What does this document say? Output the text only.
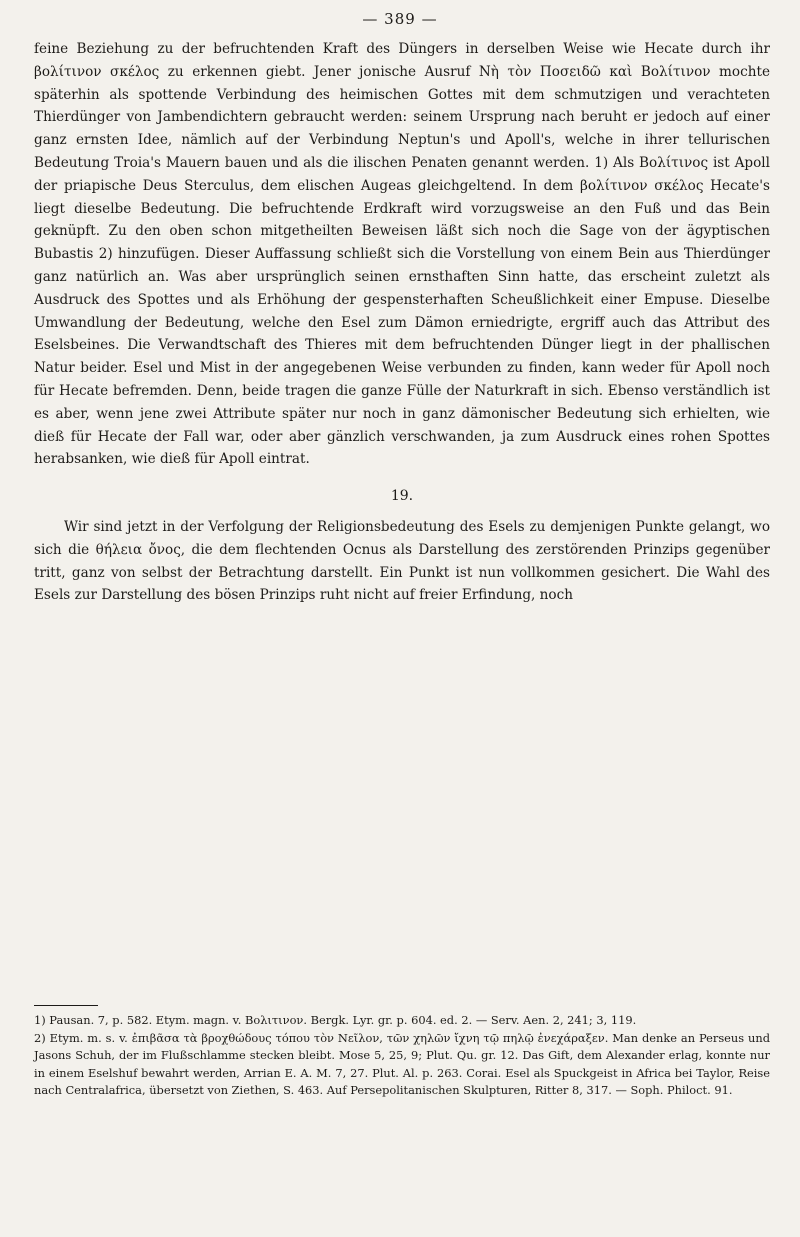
— 389 —

feine Beziehung zu der befruchtenden Kraft des Düngers in derselben Weise wie Hecate durch ihr βολίτινον σκέλος zu erkennen giebt. Jener jonische Ausruf Νὴ τὸν Ποσειδῶ καὶ Βολίτινον mochte späterhin als spottende Verbindung des heimischen Gottes mit dem schmutzigen und verachteten Thierdünger von Jambendichtern gebraucht werden: seinem Ursprung nach beruht er jedoch auf einer ganz ernsten Idee, nämlich auf der Verbindung Neptun's und Apoll's, welche in ihrer tellurischen Bedeutung Troia's Mauern bauen und als die ilischen Penaten genannt werden. 1) Als Βολίτινος ist Apoll der priapische Deus Sterculus, dem elischen Augeas gleichgeltend. In dem βολίτινον σκέλος Hecate's liegt dieselbe Bedeutung. Die befruchtende Erdkraft wird vorzugsweise an den Fuß und das Bein geknüpft. Zu den oben schon mitgetheilten Beweisen läßt sich noch die Sage von der ägyptischen Bubastis 2) hinzufügen. Dieser Auffassung schließt sich die Vorstellung von einem Bein aus Thierdünger ganz natürlich an. Was aber ursprünglich seinen ernsthaften Sinn hatte, das erscheint zuletzt als Ausdruck des Spottes und als Erhöhung der gespensterhaften Scheußlichkeit einer Empuse. Dieselbe Umwandlung der Bedeutung, welche den Esel zum Dämon erniedrigte, ergriff auch das Attribut des Eselsbeines. Die Verwandtschaft des Thieres mit dem befruchtenden Dünger liegt in der phallischen Natur beider. Esel und Mist in der angegebenen Weise verbunden zu finden, kann weder für Apoll noch für Hecate befremden. Denn, beide tragen die ganze Fülle der Naturkraft in sich. Ebenso verständlich ist es aber, wenn jene zwei Attribute später nur noch in ganz dämonischer Bedeutung sich erhielten, wie dieß für Hecate der Fall war, oder aber gänzlich verschwanden, ja zum Ausdruck eines rohen Spottes herabsanken, wie dieß für Apoll eintrat.

19.

Wir sind jetzt in der Verfolgung der Religionsbedeutung des Esels zu demjenigen Punkte gelangt, wo sich die θήλεια ὄνος, die dem flechtenden Ocnus als Darstellung des zerstörenden Prinzips gegenüber tritt, ganz von selbst der Betrachtung darstellt. Ein Punkt ist nun vollkommen gesichert. Die Wahl des Esels zur Darstellung des bösen Prinzips ruht nicht auf freier Erfindung, noch

1) Pausan. 7, p. 582. Etym. magn. v. Βολιτινον. Bergk. Lyr. gr. p. 604. ed. 2. — Serv. Aen. 2, 241; 3, 119.

2) Etym. m. s. v. ἐπιβᾶσα τὰ βροχθώδους τόπου τὸν Νεῖλον, τῶν χηλῶν ἴχνη τῷ πηλῷ ἐνεχάραξεν. Man denke an Perseus und Jasons Schuh, der im Flußschlamme stecken bleibt. Mose 5, 25, 9; Plut. Qu. gr. 12. Das Gift, dem Alexander erlag, konnte nur in einem Eselshuf bewahrt werden, Arrian E. A. M. 7, 27. Plut. Al. p. 263. Corai. Esel als Spuckgeist in Africa bei Taylor, Reise nach Centralafrica, übersetzt von Ziethen, S. 463. Auf Persepolitanischen Skulpturen, Ritter 8, 317. — Soph. Philoct. 91.
